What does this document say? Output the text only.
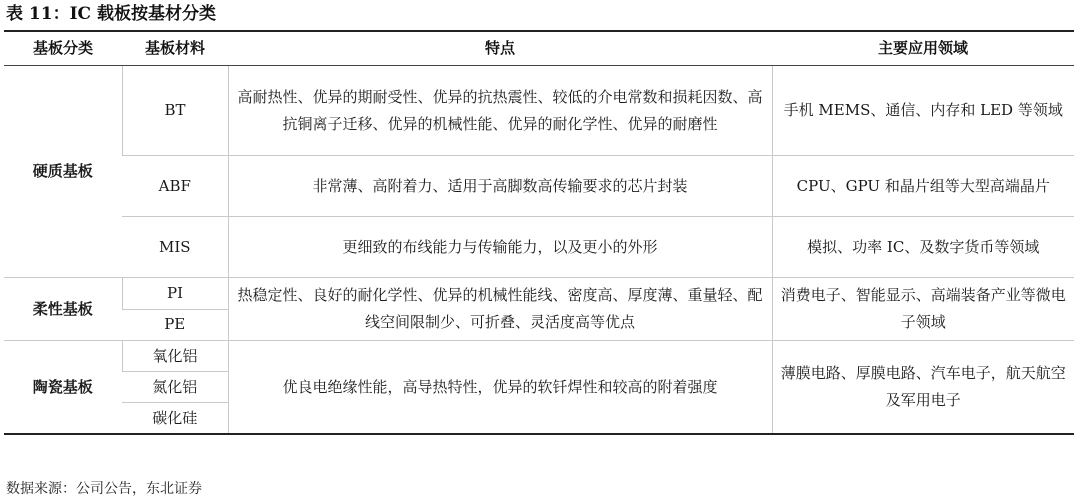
表 11：IC 载板按基材分类
基板分类	基板材料	特点	主要应用领域
硬质基板	BT	高耐热性、优异的期耐受性、优异的抗热震性、较低的介电常数和损耗因数、高抗铜离子迁移、优异的机械性能、优异的耐化学性、优异的耐磨性	手机 MEMS、通信、内存和 LED 等领域
	ABF	非常薄、高附着力、适用于高脚数高传输要求的芯片封装	CPU、GPU 和晶片组等大型高端晶片
	MIS	更细致的布线能力与传输能力，以及更小的外形	模拟、功率 IC、及数字货币等领域
柔性基板	PI	热稳定性、良好的耐化学性、优异的机械性能线、密度高、厚度薄、重量轻、配线空间限制少、可折叠、灵活度高等优点	消费电子、智能显示、高端装备产业等微电子领域
	PE		
陶瓷基板	氧化铝	优良电绝缘性能，高导热特性，优异的软钎焊性和较高的附着强度	薄膜电路、厚膜电路、汽车电子，航天航空及军用电子
	氮化铝		
	碳化硅		
数据来源：公司公告，东北证券
